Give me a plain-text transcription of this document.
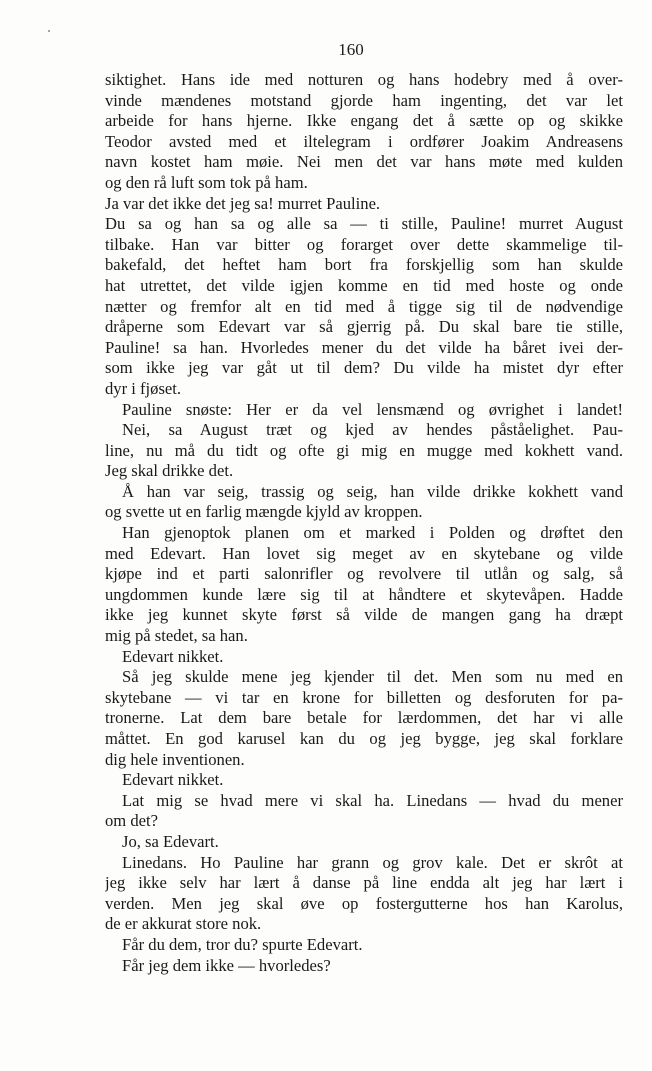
160
siktighet. Hans ide med notturen og hans hodebry med å over-
vinde mændenes motstand gjorde ham ingenting, det var let
arbeide for hans hjerne. Ikke engang det å sætte op og skikke
Teodor avsted med et iltelegram i ordfører Joakim Andreasens
navn kostet ham møie. Nei men det var hans møte med kulden
og den rå luft som tok på ham.
Ja var det ikke det jeg sa! murret Pauline.
Du sa og han sa og alle sa — ti stille, Pauline! murret August
tilbake. Han var bitter og forarget over dette skammelige til-
bakefald, det heftet ham bort fra forskjellig som han skulde
hat utrettet, det vilde igjen komme en tid med hoste og onde
nætter og fremfor alt en tid med å tigge sig til de nødvendige
dråperne som Edevart var så gjerrig på. Du skal bare tie stille,
Pauline! sa han. Hvorledes mener du det vilde ha båret ivei der-
som ikke jeg var gåt ut til dem? Du vilde ha mistet dyr efter
dyr i fjøset.
Pauline snøste: Her er da vel lensmænd og øvrighet i landet!
Nei, sa August træt og kjed av hendes påståelighet. Pau-
line, nu må du tidt og ofte gi mig en mugge med kokhett vand.
Jeg skal drikke det.
Å han var seig, trassig og seig, han vilde drikke kokhett vand
og svette ut en farlig mængde kjyld av kroppen.
Han gjenoptok planen om et marked i Polden og drøftet den
med Edevart. Han lovet sig meget av en skytebane og vilde
kjøpe ind et parti salonrifler og revolvere til utlån og salg, så
ungdommen kunde lære sig til at håndtere et skytevåpen. Hadde
ikke jeg kunnet skyte først så vilde de mangen gang ha dræpt
mig på stedet, sa han.
Edevart nikket.
Så jeg skulde mene jeg kjender til det. Men som nu med en
skytebane — vi tar en krone for billetten og desforuten for pa-
tronerne. Lat dem bare betale for lærdommen, det har vi alle
måttet. En god karusel kan du og jeg bygge, jeg skal forklare
dig hele inventionen.
Edevart nikket.
Lat mig se hvad mere vi skal ha. Linedans — hvad du mener
om det?
Jo, sa Edevart.
Linedans. Ho Pauline har grann og grov kale. Det er skrôt at
jeg ikke selv har lært å danse på line endda alt jeg har lært i
verden. Men jeg skal øve op fostergutterne hos han Karolus,
de er akkurat store nok.
Får du dem, tror du? spurte Edevart.
Får jeg dem ikke — hvorledes?
